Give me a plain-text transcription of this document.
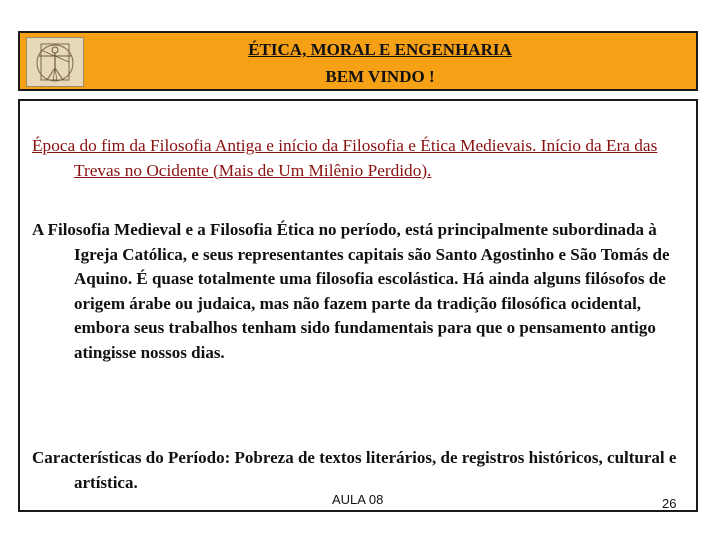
ÉTICA, MORAL E ENGENHARIA
BEM VINDO !
Época do fim da Filosofia Antiga e início da Filosofia e Ética Medievais. Início da Era das Trevas no Ocidente (Mais de Um Milênio Perdido).
A Filosofia Medieval e a Filosofia Ética no período, está principalmente subordinada à Igreja Católica, e seus representantes capitais são Santo Agostinho e São Tomás de Aquino. É quase totalmente uma filosofia escolástica. Há ainda alguns filósofos de origem árabe ou judaica, mas não fazem parte da tradição filosófica ocidental, embora seus trabalhos tenham sido fundamentais para que o pensamento antigo atingisse nossos dias.
Características do Período: Pobreza de textos literários, de registros históricos, cultural e artística.
AULA 08	26
